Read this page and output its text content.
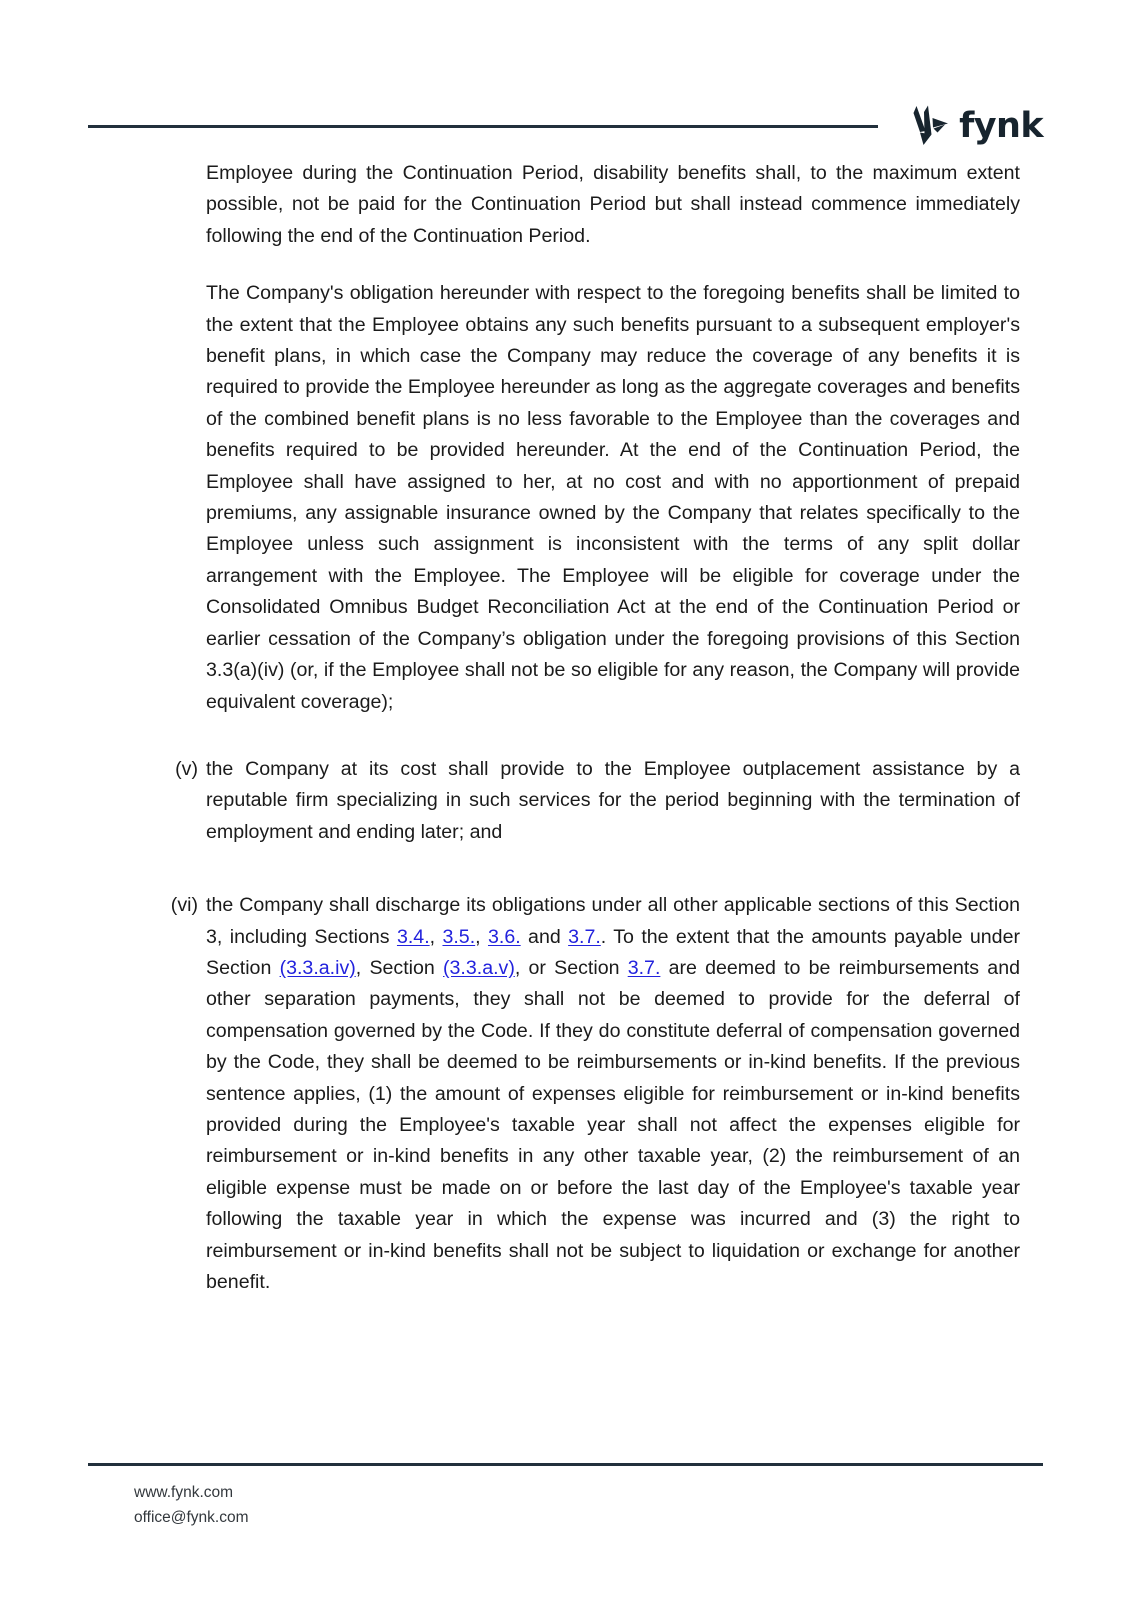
fynk

Employee during the Continuation Period, disability benefits shall, to the maximum extent possible, not be paid for the Continuation Period but shall instead commence immediately following the end of the Continuation Period.

The Company's obligation hereunder with respect to the foregoing benefits shall be limited to the extent that the Employee obtains any such benefits pursuant to a subsequent employer's benefit plans, in which case the Company may reduce the coverage of any benefits it is required to provide the Employee hereunder as long as the aggregate coverages and benefits of the combined benefit plans is no less favorable to the Employee than the coverages and benefits required to be provided hereunder. At the end of the Continuation Period, the Employee shall have assigned to her, at no cost and with no apportionment of prepaid premiums, any assignable insurance owned by the Company that relates specifically to the Employee unless such assignment is inconsistent with the terms of any split dollar arrangement with the Employee. The Employee will be eligible for coverage under the Consolidated Omnibus Budget Reconciliation Act at the end of the Continuation Period or earlier cessation of the Company’s obligation under the foregoing provisions of this Section 3.3(a)(iv) (or, if the Employee shall not be so eligible for any reason, the Company will provide equivalent coverage);

(v) the Company at its cost shall provide to the Employee outplacement assistance by a reputable firm specializing in such services for the period beginning with the termination of employment and ending later; and
(vi) the Company shall discharge its obligations under all other applicable sections of this Section 3, including Sections 3.4., 3.5., 3.6. and 3.7.. To the extent that the amounts payable under Section (3.3.a.iv), Section (3.3.a.v), or Section 3.7. are deemed to be reimbursements and other separation payments, they shall not be deemed to provide for the deferral of compensation governed by the Code. If they do constitute deferral of compensation governed by the Code, they shall be deemed to be reimbursements or in-kind benefits. If the previous sentence applies, (1) the amount of expenses eligible for reimbursement or in-kind benefits provided during the Employee's taxable year shall not affect the expenses eligible for reimbursement or in-kind benefits in any other taxable year, (2) the reimbursement of an eligible expense must be made on or before the last day of the Employee's taxable year following the taxable year in which the expense was incurred and (3) the right to reimbursement or in-kind benefits shall not be subject to liquidation or exchange for another benefit.
www.fynk.com
office@fynk.com
